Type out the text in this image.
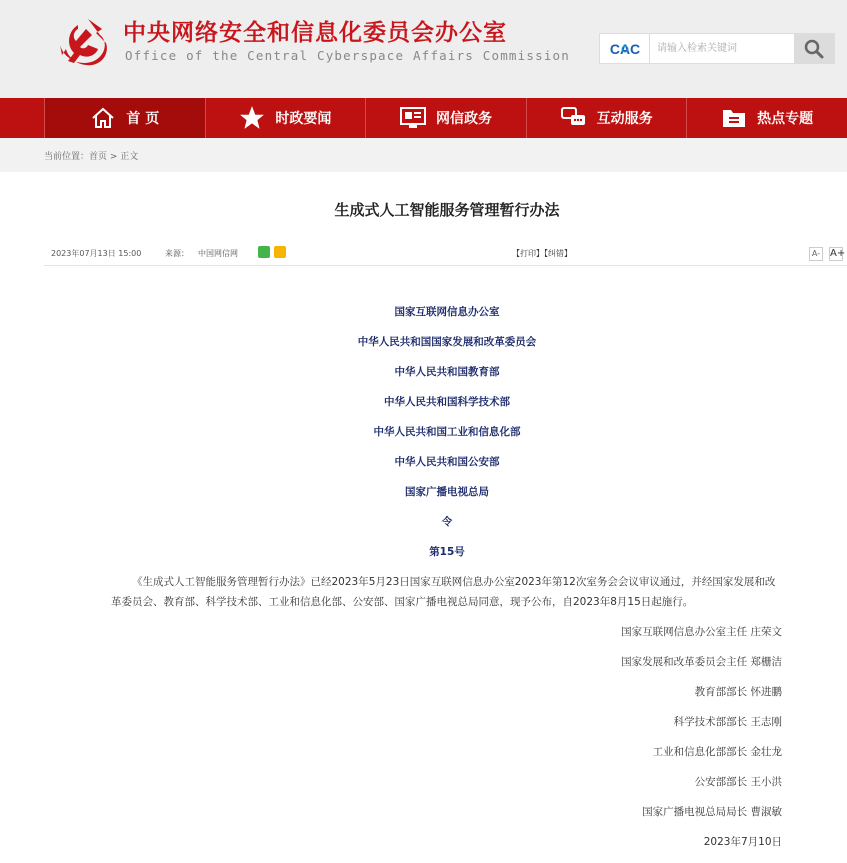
中央网络安全和信息化委员会办公室
Office of the Central Cyberspace Affairs Commission	CAC
请输入检索关键词
首 页	时政要闻	网信政务	互动服务	热点专题
当前位置：首页 > 正文
生成式人工智能服务管理暂行办法
2023年07月13日 15:00	来源： 中国网信网	【打印】【纠错】	A- A+
国家互联网信息办公室
中华人民共和国国家发展和改革委员会
中华人民共和国教育部
中华人民共和国科学技术部
中华人民共和国工业和信息化部
中华人民共和国公安部
国家广播电视总局
令
第15号

《生成式人工智能服务管理暂行办法》已经2023年5月23日国家互联网信息办公室2023年第12次室务会会议审议通过，并经国家发展和改革委员会、教育部、科学技术部、工业和信息化部、公安部、国家广播电视总局同意，现予公布，自2023年8月15日起施行。

国家互联网信息办公室主任 庄荣文
国家发展和改革委员会主任 郑栅洁
教育部部长 怀进鹏
科学技术部部长 王志刚
工业和信息化部部长 金壮龙
公安部部长 王小洪
国家广播电视总局局长 曹淑敏
2023年7月10日
